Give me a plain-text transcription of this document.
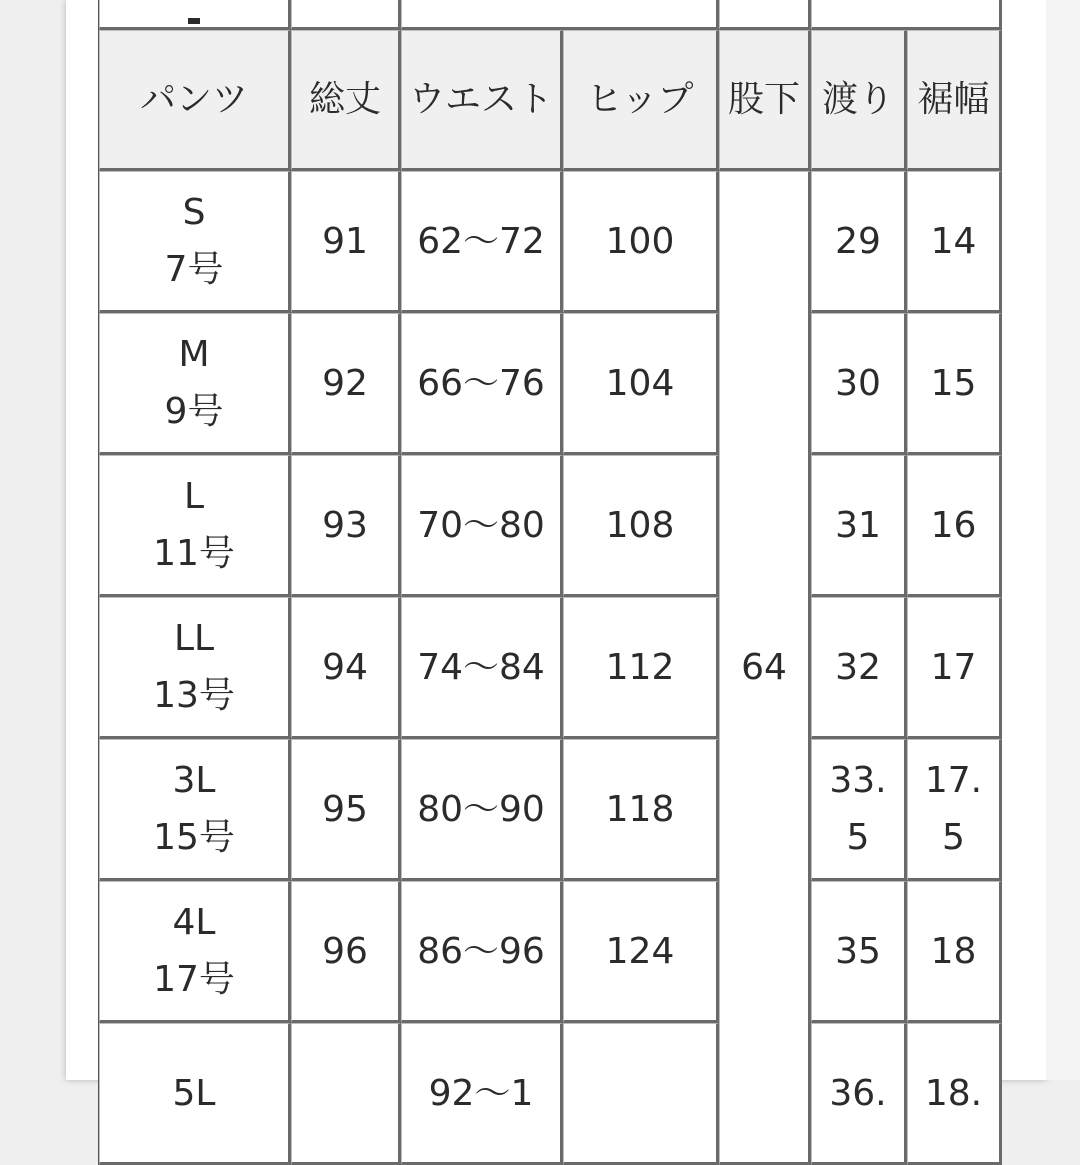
パンツ	総丈	ウエスト	ヒップ	股下	渡り	裾幅

S
7号	91	62〜72	100	64	29	14

M
9号	92	66〜76	104		30	15

L
11号	93	70〜80	108		31	16

LL
13号	94	74〜84	112		32	17

3L
15号	95	80〜90	118		33.5	17.5

4L
17号	96	86〜96	124		35	18

5L		92〜1			36.	18.
